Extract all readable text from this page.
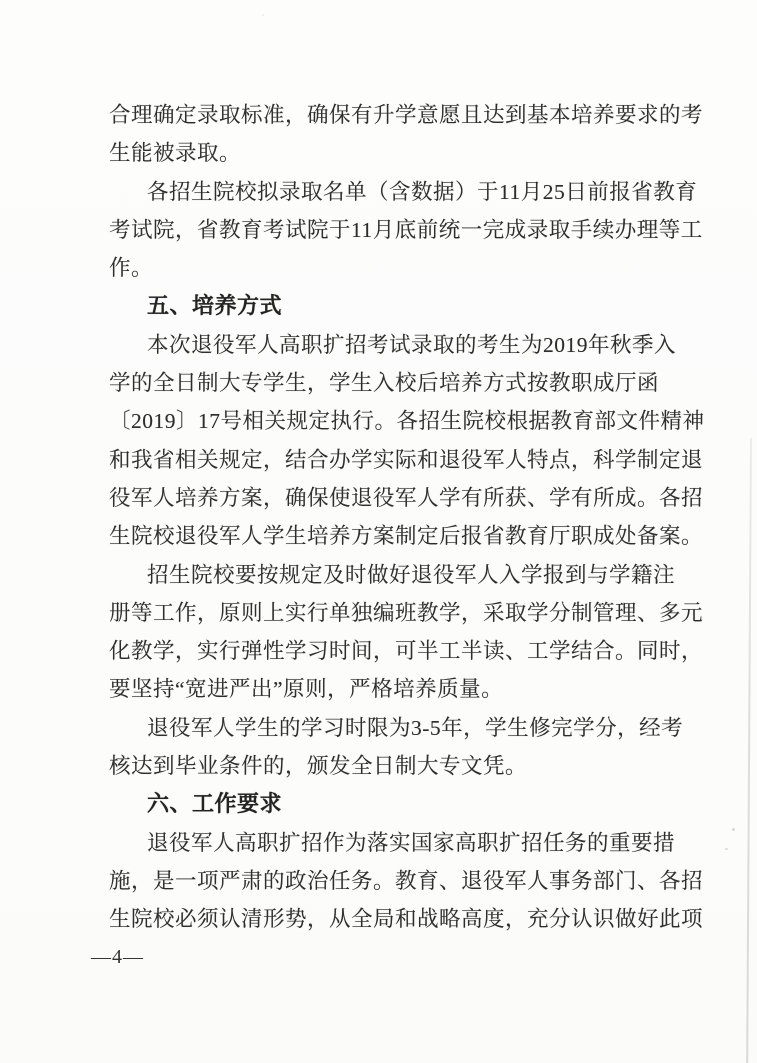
合理确定录取标准，确保有升学意愿且达到基本培养要求的考
生能被录取。
各招生院校拟录取名单（含数据）于11月25日前报省教育
考试院，省教育考试院于11月底前统一完成录取手续办理等工
作。
五、培养方式
本次退役军人高职扩招考试录取的考生为2019年秋季入
学的全日制大专学生，学生入校后培养方式按教职成厅函
〔2019〕17号相关规定执行。各招生院校根据教育部文件精神
和我省相关规定，结合办学实际和退役军人特点，科学制定退
役军人培养方案，确保使退役军人学有所获、学有所成。各招
生院校退役军人学生培养方案制定后报省教育厅职成处备案。
招生院校要按规定及时做好退役军人入学报到与学籍注
册等工作，原则上实行单独编班教学，采取学分制管理、多元
化教学，实行弹性学习时间，可半工半读、工学结合。同时，
要坚持“宽进严出”原则，严格培养质量。
退役军人学生的学习时限为3-5年，学生修完学分，经考
核达到毕业条件的，颁发全日制大专文凭。
六、工作要求
退役军人高职扩招作为落实国家高职扩招任务的重要措
施，是一项严肃的政治任务。教育、退役军人事务部门、各招
生院校必须认清形势，从全局和战略高度，充分认识做好此项
—4—
